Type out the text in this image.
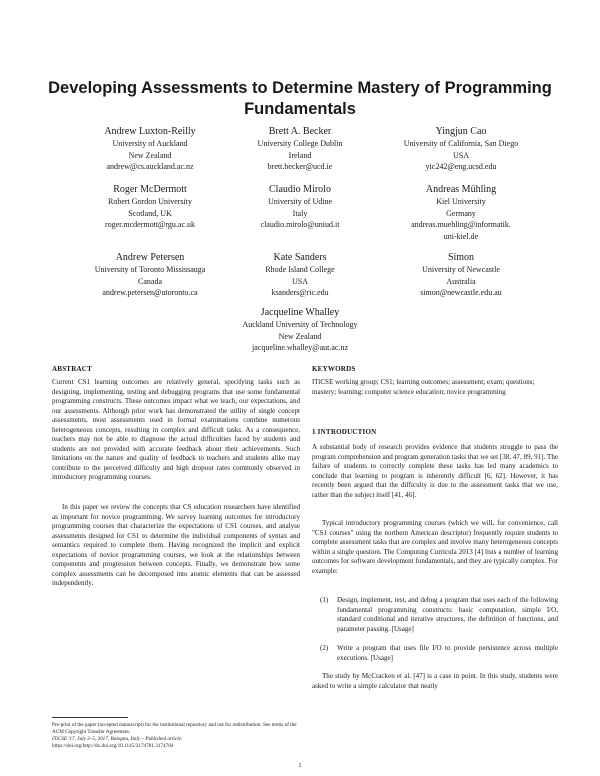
Developing Assessments to Determine Mastery of Programming Fundamentals
Andrew Luxton-Reilly
University of Auckland
New Zealand
andrew@cs.auckland.ac.nz
Brett A. Becker
University College Dublin
Ireland
brett.becker@ucd.ie
Yingjun Cao
University of California, San Diego
USA
yic242@eng.ucsd.edu
Roger McDermott
Robert Gordon University
Scotland, UK
roger.mcdermott@rgu.ac.uk
Claudio Mirolo
University of Udine
Italy
claudio.mirolo@uniud.it
Andreas Mühling
Kiel University
Germany
andreas.muehling@informatik.
uni-kiel.de
Andrew Petersen
University of Toronto Mississauga
Canada
andrew.petersen@utoronto.ca
Kate Sanders
Rhode Island College
USA
ksanders@ric.edu
Simon
University of Newcastle
Australia
simon@newcastle.edu.au
Jacqueline Whalley
Auckland University of Technology
New Zealand
jacqueline.whalley@aut.ac.nz
ABSTRACT
Current CS1 learning outcomes are relatively general, specifying tasks such as designing, implementing, testing and debugging programs that use some fundamental programming constructs. These outcomes impact what we teach, our expectations, and our assessments. Although prior work has demonstrated the utility of single concept assessments, most assessments used in formal examinations combine numerous heterogeneous concepts, resulting in complex and difficult tasks. As a consequence, teachers may not be able to diagnose the actual difficulties faced by students and students are not provided with accurate feedback about their achievements. Such limitations on the nature and quality of feedback to teachers and students alike may contribute to the perceived difficulty and high dropout rates commonly observed in introductory programming courses.
In this paper we review the concepts that CS education researchers have identified as important for novice programming. We survey learning outcomes for introductory programming courses that characterize the expectations of CS1 courses, and analyse assessments designed for CS1 to determine the individual components of syntax and semantics required to complete them. Having recognized the implicit and explicit expectations of novice programming courses, we look at the relationships between components and progression between concepts. Finally, we demonstrate how some complex assessments can be decomposed into atomic elements that can be assessed independently.
Pre-print of the paper (accepted manuscript) for the institutional repository and not for redistribution. See terms of the ACM Copyright Transfer Agreement.
ITiCSE '17, July 3–5, 2017, Bologna, Italy – Published article:
https://doi.org/http://dx.doi.org/10.1145/3174781.3174784
KEYWORDS
ITiCSE working group; CS1; learning outcomes; assessment; exam; questions; mastery; learning; computer science education; novice programming
1 INTRODUCTION
A substantial body of research provides evidence that students struggle to pass the program comprehension and program generation tasks that we set [38, 47, 89, 91]. The failure of students to correctly complete these tasks has led many academics to conclude that learning to program is inherently difficult [6, 62]. However, it has recently been argued that the difficulty is due to the assessment tasks that we use, rather than the subject itself [41, 46].
Typical introductory programming courses (which we will, for convenience, call "CS1 courses" using the northern American descriptor) frequently require students to complete assessment tasks that are complex and involve many heterogeneous concepts within a single question. The Computing Curricula 2013 [4] lists a number of learning outcomes for software development fundamentals, and they are typically complex. For example:
(1) Design, implement, test, and debug a program that uses each of the following fundamental programming constructs: basic computation, simple I/O, standard conditional and iterative structures, the definition of functions, and parameter passing. [Usage]
(2) Write a program that uses file I/O to provide persistence across multiple executions. [Usage]
The study by McCracken et al. [47] is a case in point. In this study, students were asked to write a simple calculator that neatly
1
